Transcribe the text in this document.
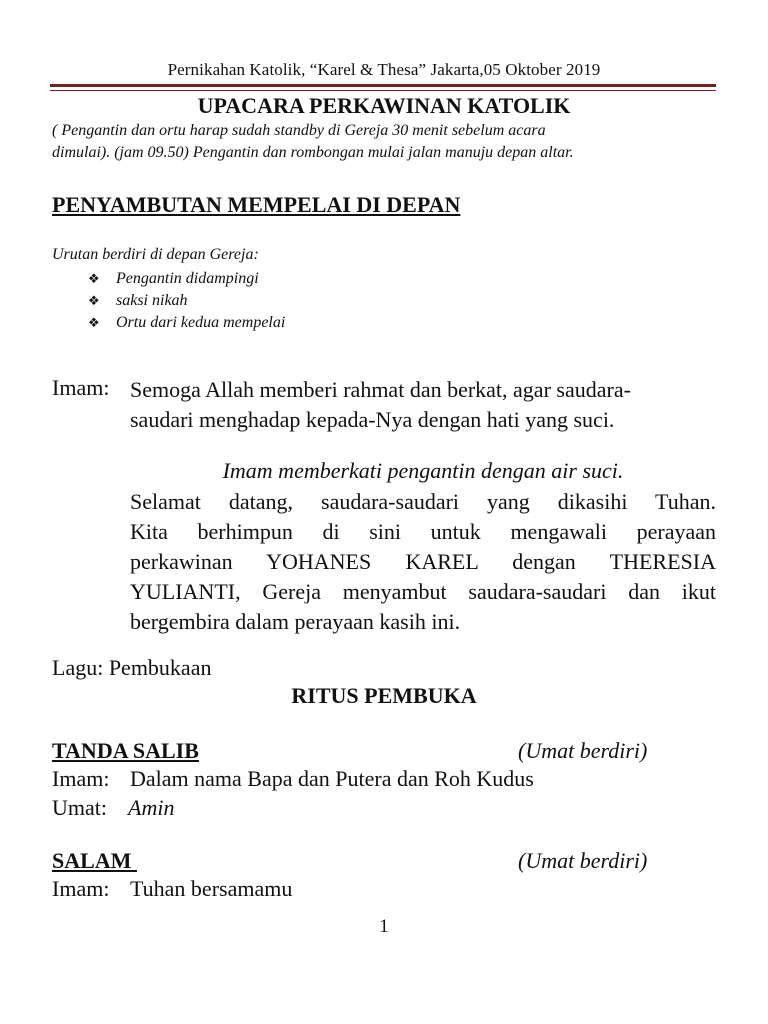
Pernikahan Katolik, “Karel & Thesa” Jakarta,05 Oktober 2019
UPACARA PERKAWINAN KATOLIK
( Pengantin dan ortu harap sudah standby di Gereja 30 menit sebelum acara
dimulai). (jam 09.50) Pengantin dan rombongan mulai jalan manuju depan altar.
PENYAMBUTAN MEMPELAI DI DEPAN
Urutan berdiri di depan Gereja:
❖ Pengantin didampingi
❖ saksi nikah
❖ Ortu dari kedua mempelai
Imam: Semoga Allah memberi rahmat dan berkat, agar saudara-
saudari menghadap kepada-Nya dengan hati yang suci.
Imam memberkati pengantin dengan air suci.
Selamat datang, saudara-saudari yang dikasihi Tuhan.
Kita berhimpun di sini untuk mengawali perayaan
perkawinan YOHANES KAREL dengan THERESIA
YULIANTI, Gereja menyambut saudara-saudari dan ikut
bergembira dalam perayaan kasih ini.
Lagu: Pembukaan
RITUS PEMBUKA
TANDA SALIB	(Umat berdiri)
Imam: Dalam nama Bapa dan Putera dan Roh Kudus
Umat: Amin
SALAM	(Umat berdiri)
Imam: Tuhan bersamamu
1
